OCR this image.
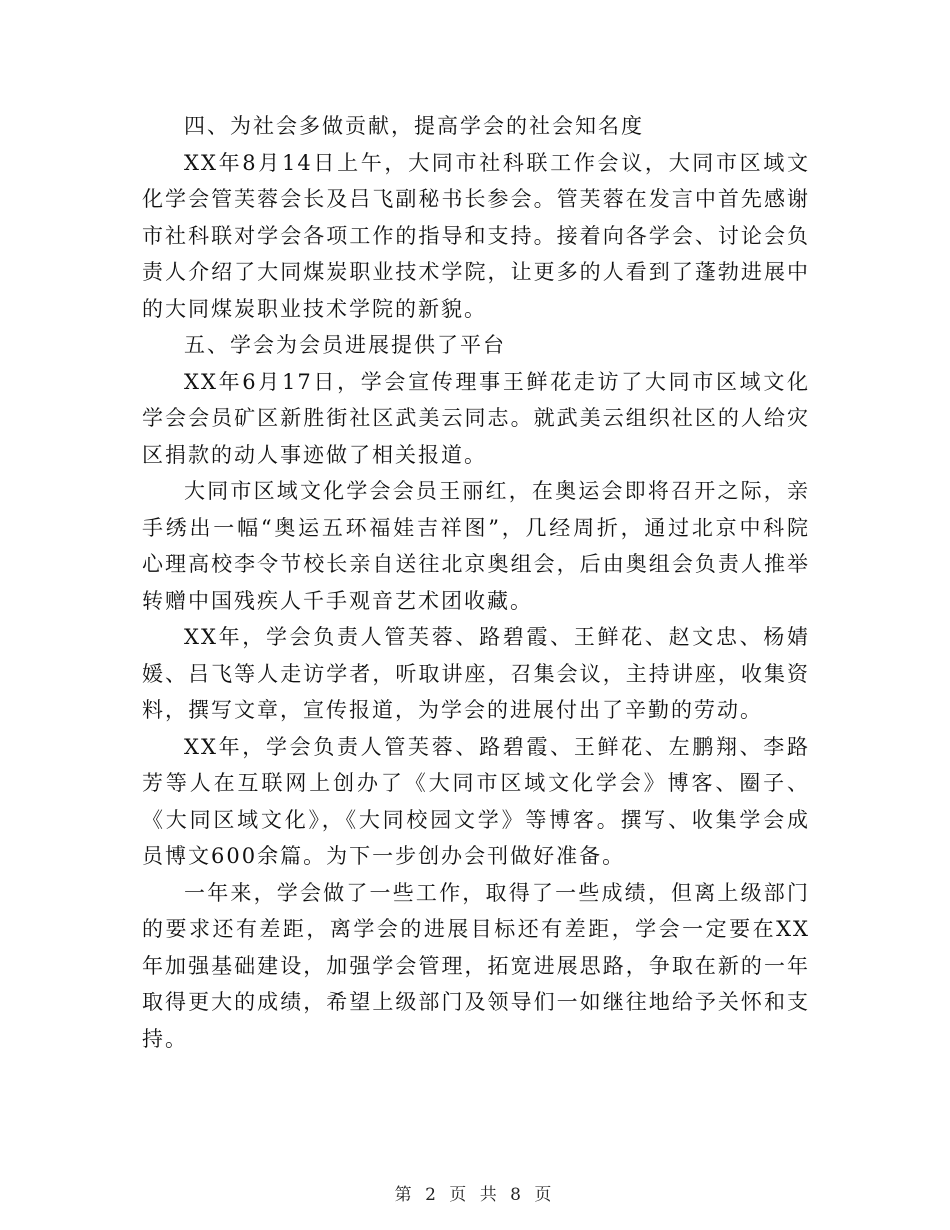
四、为社会多做贡献，提高学会的社会知名度

XX年8月14日上午，大同市社科联工作会议，大同市区域文化学会管芙蓉会长及吕飞副秘书长参会。管芙蓉在发言中首先感谢市社科联对学会各项工作的指导和支持。接着向各学会、讨论会负责人介绍了大同煤炭职业技术学院，让更多的人看到了蓬勃进展中的大同煤炭职业技术学院的新貌。

五、学会为会员进展提供了平台

XX年6月17日，学会宣传理事王鲜花走访了大同市区域文化学会会员矿区新胜街社区武美云同志。就武美云组织社区的人给灾区捐款的动人事迹做了相关报道。

大同市区域文化学会会员王丽红，在奥运会即将召开之际，亲手绣出一幅“奥运五环福娃吉祥图”，几经周折，通过北京中科院心理高校李令节校长亲自送往北京奥组会，后由奥组会负责人推举转赠中国残疾人千手观音艺术团收藏。

XX年，学会负责人管芙蓉、路碧霞、王鲜花、赵文忠、杨婧媛、吕飞等人走访学者，听取讲座，召集会议，主持讲座，收集资料，撰写文章，宣传报道，为学会的进展付出了辛勤的劳动。

XX年，学会负责人管芙蓉、路碧霞、王鲜花、左鹏翔、李路芳等人在互联网上创办了《大同市区域文化学会》博客、圈子、《大同区域文化》，《大同校园文学》等博客。撰写、收集学会成员博文600余篇。为下一步创办会刊做好准备。

一年来，学会做了一些工作，取得了一些成绩，但离上级部门的要求还有差距，离学会的进展目标还有差距，学会一定要在XX年加强基础建设，加强学会管理，拓宽进展思路，争取在新的一年取得更大的成绩，希望上级部门及领导们一如继往地给予关怀和支持。

第 2 页 共 8 页
